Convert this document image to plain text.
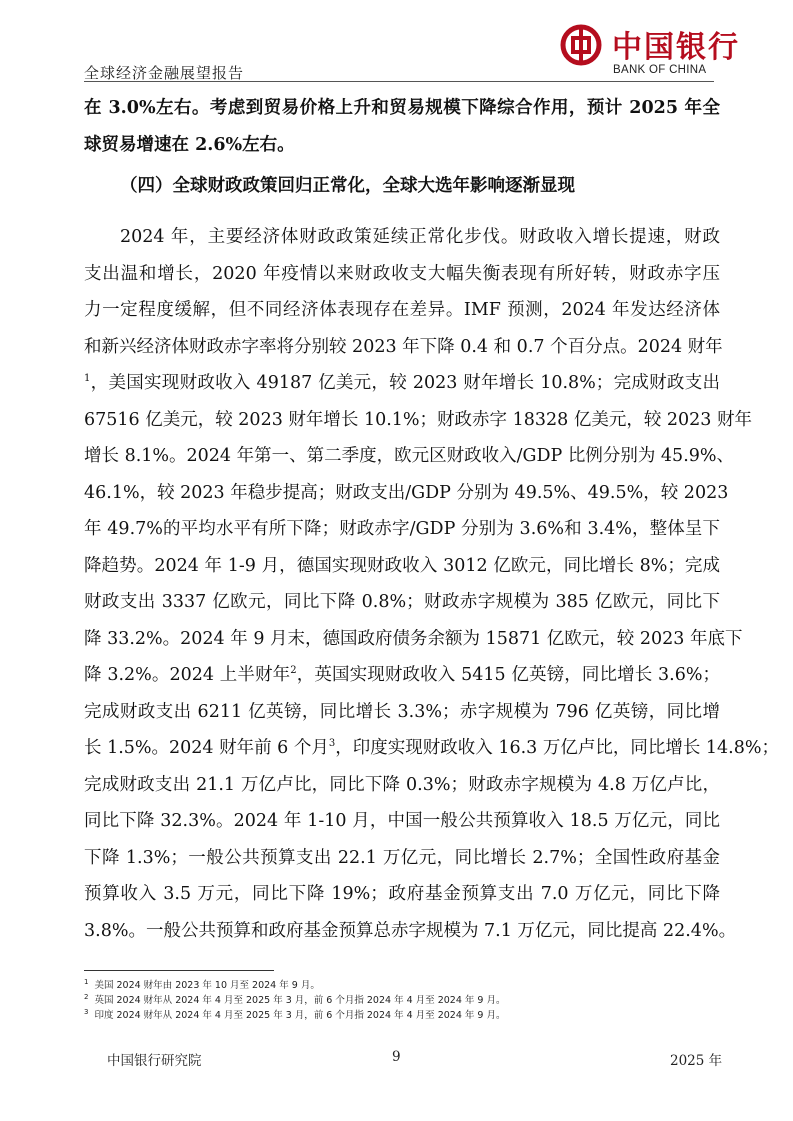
全球经济金融展望报告
中国银行
BANK OF CHINA
在 3.0%左右。考虑到贸易价格上升和贸易规模下降综合作用，预计 2025 年全
球贸易增速在 2.6%左右。
（四）全球财政政策回归正常化，全球大选年影响逐渐显现
2024 年，主要经济体财政政策延续正常化步伐。财政收入增长提速，财政
支出温和增长，2020 年疫情以来财政收支大幅失衡表现有所好转，财政赤字压
力一定程度缓解，但不同经济体表现存在差异。IMF 预测，2024 年发达经济体
和新兴经济体财政赤字率将分别较 2023 年下降 0.4 和 0.7 个百分点。2024 财年
$^1$，美国实现财政收入 49187 亿美元，较 2023 财年增长 10.8%；完成财政支出
67516 亿美元，较 2023 财年增长 10.1%；财政赤字 18328 亿美元，较 2023 财年
增长 8.1%。2024 年第一、第二季度，欧元区财政收入/GDP 比例分别为 45.9%、
46.1%，较 2023 年稳步提高；财政支出/GDP 分别为 49.5%、49.5%，较 2023
年 49.7%的平均水平有所下降；财政赤字/GDP 分别为 3.6%和 3.4%，整体呈下
降趋势。2024 年 1-9 月，德国实现财政收入 3012 亿欧元，同比增长 8%；完成
财政支出 3337 亿欧元，同比下降 0.8%；财政赤字规模为 385 亿欧元，同比下
降 33.2%。2024 年 9 月末，德国政府债务余额为 15871 亿欧元，较 2023 年底下
降 3.2%。2024 上半财年$^2$，英国实现财政收入 5415 亿英镑，同比增长 3.6%；
完成财政支出 6211 亿英镑，同比增长 3.3%；赤字规模为 796 亿英镑，同比增
长 1.5%。2024 财年前 6 个月$^3$，印度实现财政收入 16.3 万亿卢比，同比增长 14.8%；
完成财政支出 21.1 万亿卢比，同比下降 0.3%；财政赤字规模为 4.8 万亿卢比，
同比下降 32.3%。2024 年 1-10 月，中国一般公共预算收入 18.5 万亿元，同比
下降 1.3%；一般公共预算支出 22.1 万亿元，同比增长 2.7%；全国性政府基金
预算收入 3.5 万元，同比下降 19%；政府基金预算支出 7.0 万亿元，同比下降
3.8%。一般公共预算和政府基金预算总赤字规模为 7.1 万亿元，同比提高 22.4%。
$^1$ 美国 2024 财年由 2023 年 10 月至 2024 年 9 月。
$^2$ 英国 2024 财年从 2024 年 4 月至 2025 年 3 月，前 6 个月指 2024 年 4 月至 2024 年 9 月。
$^3$ 印度 2024 财年从 2024 年 4 月至 2025 年 3 月，前 6 个月指 2024 年 4 月至 2024 年 9 月。
中国银行研究院	9	2025 年
